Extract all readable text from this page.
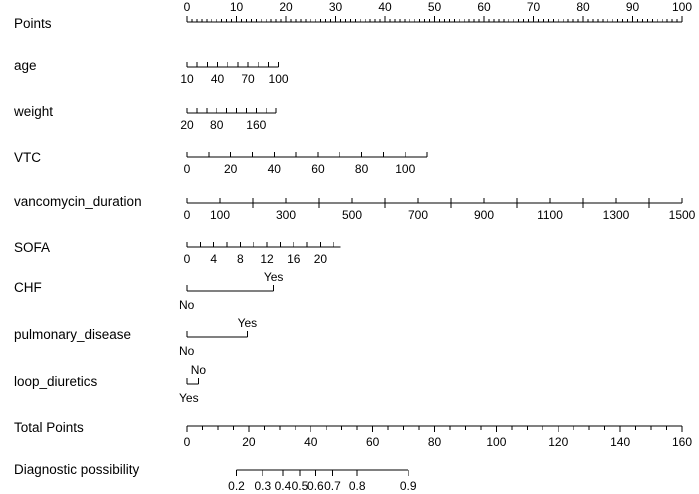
Points
age
weight
VTC
vancomycin_duration
SOFA
CHF
pulmonary_disease
loop_diuretics
Total Points
Diagnostic possibility
0	10	20	30	40	50	60	70	80	90	100
10 40 70 100
20 80 160
0	20	40	60	80 100
0 100	300	500	700	900	1100	1300	1500
0 4 8 12 16 20
No
Yes
No
Yes
No
Yes
0	20	40	60	80	100	120	140	160
0.2 0.3 0.4 0.5
0.6 0.7 0.8	0.9
